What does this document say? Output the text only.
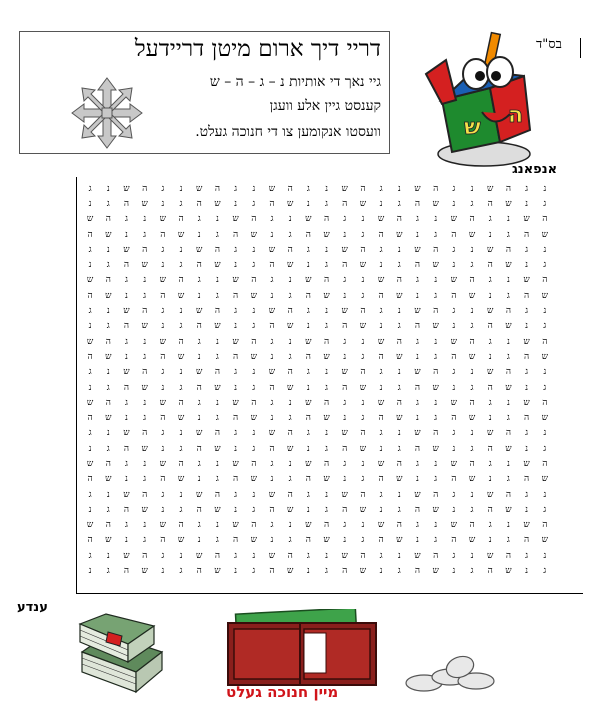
בס"ד
דריי דיך ארום מיטן דריידעל
גיי נאך די אותיות נ – ג – ה – ש
קענסט גיין אלע וועגן
וועסטו אנקומען צו די חנוכה געלט.	ש ה
אנפאנג
ג	נ	ש	ה	ג	נ	ש	ה	ג	נ	ש	ה	ג	נ	ש	ה	ג	נ	ש	ה	ג	נ	ש	ה	ג	נ
נ	ג	ה	ש	נ	ג	ה	ש	נ	ג	ה	ש	נ	ג	ה	ש	נ	ג	ה	ש	נ	ג	ה	ש	נ	ג
ש	ה	ג	נ	ש	ה	ג	נ	ש	ה	ג	נ	ש	ה	ג	נ	ש	ה	ג	נ	ש	ה	ג	נ	ש	ה
ה	ש	נ	ג	ה	ש	נ	ג	ה	ש	נ	ג	ה	ש	נ	ג	ה	ש	נ	ג	ה	ש	נ	ג	ה	ש
ג	נ	ש	ה	ג	נ	ש	ה	ג	נ	ש	ה	ג	נ	ש	ה	ג	נ	ש	ה	ג	נ	ש	ה	ג	נ
נ	ג	ה	ש	נ	ג	ה	ש	נ	ג	ה	ש	נ	ג	ה	ש	נ	ג	ה	ש	נ	ג	ה	ש	נ	ג
ש	ה	ג	נ	ש	ה	ג	נ	ש	ה	ג	נ	ש	ה	ג	נ	ש	ה	ג	נ	ש	ה	ג	נ	ש	ה
ה	ש	נ	ג	ה	ש	נ	ג	ה	ש	נ	ג	ה	ש	נ	ג	ה	ש	נ	ג	ה	ש	נ	ג	ה	ש
ג	נ	ש	ה	ג	נ	ש	ה	ג	נ	ש	ה	ג	נ	ש	ה	ג	נ	ש	ה	ג	נ	ש	ה	ג	נ
נ	ג	ה	ש	נ	ג	ה	ש	נ	ג	ה	ש	נ	ג	ה	ש	נ	ג	ה	ש	נ	ג	ה	ש	נ	ג
ש	ה	ג	נ	ש	ה	ג	נ	ש	ה	ג	נ	ש	ה	ג	נ	ש	ה	ג	נ	ש	ה	ג	נ	ש	ה
ה	ש	נ	ג	ה	ש	נ	ג	ה	ש	נ	ג	ה	ש	נ	ג	ה	ש	נ	ג	ה	ש	נ	ג	ה	ש
ג	נ	ש	ה	ג	נ	ש	ה	ג	נ	ש	ה	ג	נ	ש	ה	ג	נ	ש	ה	ג	נ	ש	ה	ג	נ
נ	ג	ה	ש	נ	ג	ה	ש	נ	ג	ה	ש	נ	ג	ה	ש	נ	ג	ה	ש	נ	ג	ה	ש	נ	ג
ש	ה	ג	נ	ש	ה	ג	נ	ש	ה	ג	נ	ש	ה	ג	נ	ש	ה	ג	נ	ש	ה	ג	נ	ש	ה
ה	ש	נ	ג	ה	ש	נ	ג	ה	ש	נ	ג	ה	ש	נ	ג	ה	ש	נ	ג	ה	ש	נ	ג	ה	ש
ג	נ	ש	ה	ג	נ	ש	ה	ג	נ	ש	ה	ג	נ	ש	ה	ג	נ	ש	ה	ג	נ	ש	ה	ג	נ
נ	ג	ה	ש	נ	ג	ה	ש	נ	ג	ה	ש	נ	ג	ה	ש	נ	ג	ה	ש	נ	ג	ה	ש	נ	ג
ש	ה	ג	נ	ש	ה	ג	נ	ש	ה	ג	נ	ש	ה	ג	נ	ש	ה	ג	נ	ש	ה	ג	נ	ש	ה
ה	ש	נ	ג	ה	ש	נ	ג	ה	ש	נ	ג	ה	ש	נ	ג	ה	ש	נ	ג	ה	ש	נ	ג	ה	ש
ג	נ	ש	ה	ג	נ	ש	ה	ג	נ	ש	ה	ג	נ	ש	ה	ג	נ	ש	ה	ג	נ	ש	ה	ג	נ
נ	ג	ה	ש	נ	ג	ה	ש	נ	ג	ה	ש	נ	ג	ה	ש	נ	ג	ה	ש	נ	ג	ה	ש	נ	ג
ש	ה	ג	נ	ש	ה	ג	נ	ש	ה	ג	נ	ש	ה	ג	נ	ש	ה	ג	נ	ש	ה	ג	נ	ש	ה
ה	ש	נ	ג	ה	ש	נ	ג	ה	ש	נ	ג	ה	ש	נ	ג	ה	ש	נ	ג	ה	ש	נ	ג	ה	ש
ג	נ	ש	ה	ג	נ	ש	ה	ג	נ	ש	ה	ג	נ	ש	ה	ג	נ	ש	ה	ג	נ	ש	ה	ג	נ
נ	ג	ה	ש	נ	ג	ה	ש	נ	ג	ה	ש	נ	ג	ה	ש	נ	ג	ה	ש	נ	ג	ה	ש	נ	ג
ענדע
מיין חנוכה געלט
